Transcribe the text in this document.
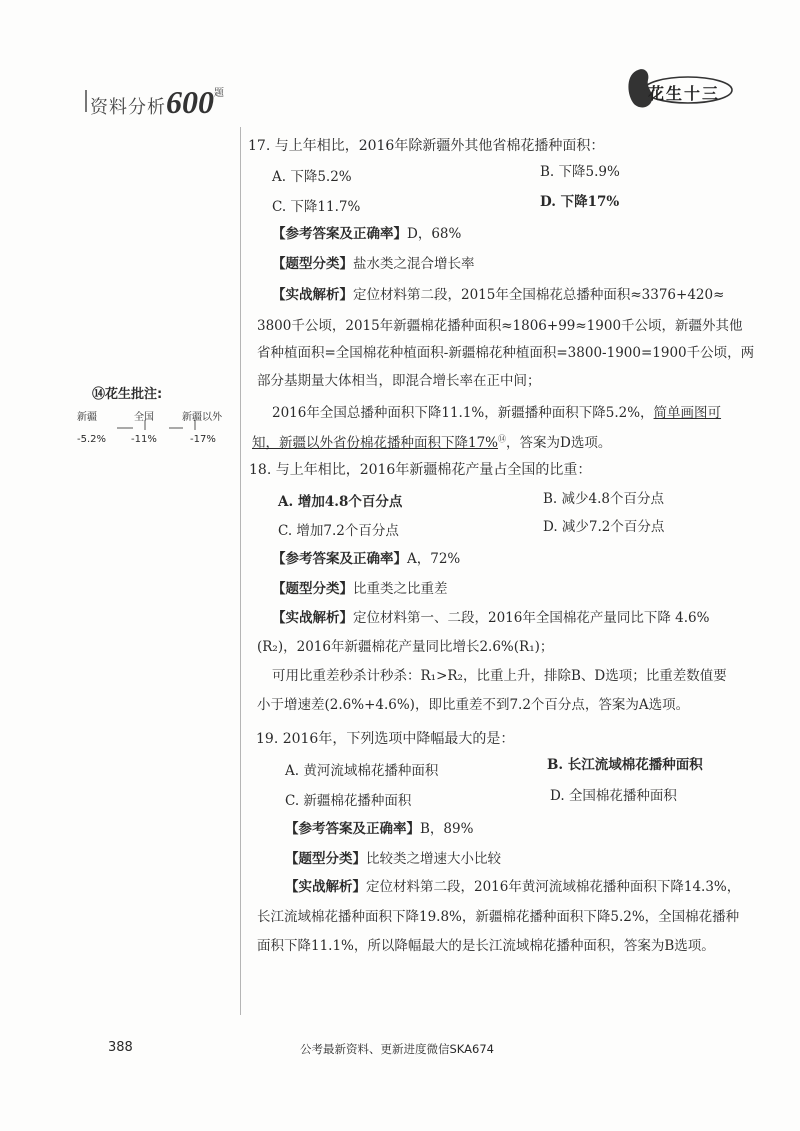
资料分析$600^题$	花生十三
⑭花生批注:
新疆	全国	新疆以外
-5.2% -11%	-17%
17. 与上年相比，2016年除新疆外其他省棉花播种面积：
A. 下降5.2%	B. 下降5.9%
C. 下降11.7%	D. 下降17%
【参考答案及正确率】D，68%
【题型分类】盐水类之混合增长率
【实战解析】定位材料第二段，2015年全国棉花总播种面积≈3376+420≈
3800千公顷，2015年新疆棉花播种面积≈1806+99≈1900千公顷，新疆外其他
省种植面积=全国棉花种植面积-新疆棉花种植面积=3800-1900=1900千公顷，两
部分基期量大体相当，即混合增长率在正中间；
2016年全国总播种面积下降11.1%，新疆播种面积下降5.2%，简单画图可
知，新疆以外省份棉花播种面积下降17%⑭，答案为D选项。
18. 与上年相比，2016年新疆棉花产量占全国的比重：
A. 增加4.8个百分点	B. 减少4.8个百分点
C. 增加7.2个百分点	D. 减少7.2个百分点
【参考答案及正确率】A，72%
【题型分类】比重类之比重差
【实战解析】定位材料第一、二段，2016年全国棉花产量同比下降 4.6%
(R₂)，2016年新疆棉花产量同比增长2.6%(R₁)；
可用比重差秒杀计秒杀：R₁>R₂，比重上升，排除B、D选项；比重差数值要
小于增速差(2.6%+4.6%)，即比重差不到7.2个百分点，答案为A选项。
19. 2016年，下列选项中降幅最大的是：
A. 黄河流域棉花播种面积	B. 长江流域棉花播种面积
C. 新疆棉花播种面积	D. 全国棉花播种面积
【参考答案及正确率】B，89%
【题型分类】比较类之增速大小比较
【实战解析】定位材料第二段，2016年黄河流域棉花播种面积下降14.3%，
长江流域棉花播种面积下降19.8%，新疆棉花播种面积下降5.2%，全国棉花播种
面积下降11.1%，所以降幅最大的是长江流域棉花播种面积，答案为B选项。
388	公考最新资料、更新进度微信SKA674
